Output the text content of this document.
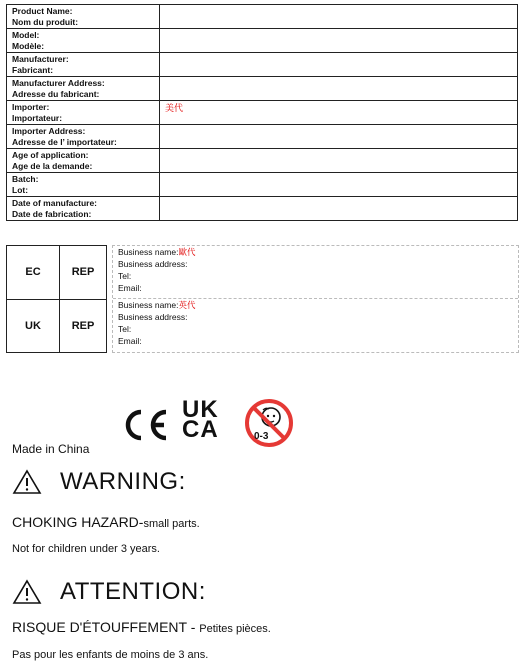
Product Name:
Nom du produit:	

Model:
Modèle:	

Manufacturer:
Fabricant:	

Manufacturer Address:
Adresse du fabricant:	

Importer:
Importateur:	美代

Importer Address:
Adresse de l’ importateur:	

Age of application:
Age de la demande:	

Batch:
Lot:	

Date of manufacture:
Date de fabrication:	

EC	REP
UK	REP
Business name:歐代
Business address:
Tel:
Email:
Business name:英代
Business address:
Tel:
Email:
Made in China
UK
CA	0-3
WARNING:
CHOKING HAZARD-small parts.
Not for children under 3 years.
ATTENTION:
RISQUE D'ÉTOUFFEMENT - Petites pièces.
Pas pour les enfants de moins de 3 ans.
